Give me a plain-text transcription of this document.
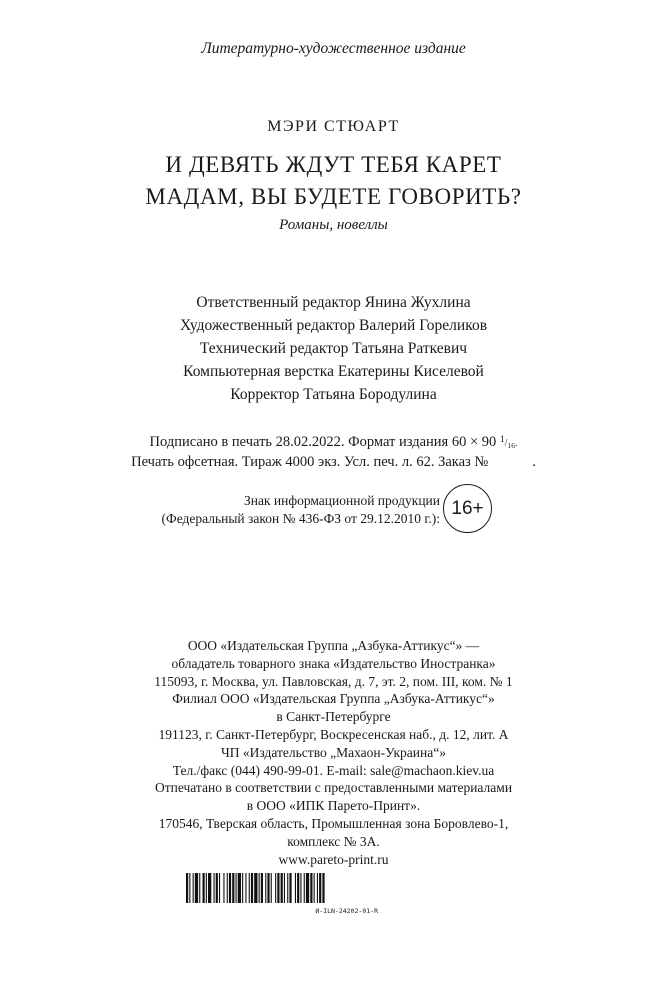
Литературно-художественное издание
МЭРИ СТЮАРТ
И ДЕВЯТЬ ЖДУТ ТЕБЯ КАРЕТ
МАДАМ, ВЫ БУДЕТЕ ГОВОРИТЬ?
Романы, новеллы
Ответственный редактор Янина Жухлина
Художественный редактор Валерий Гореликов
Технический редактор Татьяна Раткевич
Компьютерная верстка Екатерины Киселевой
Корректор Татьяна Бородулина
Подписано в печать 28.02.2022. Формат издания 60 × 90 $^1/_{16}$.
Печать офсетная. Тираж 4000 экз. Усл. печ. л. 62. Заказ №	.
Знак информационной продукции
(Федеральный закон № 436-ФЗ от 29.12.2010 г.): 16+
ООО «Издательская Группа „Азбука-Аттикус“» —
обладатель товарного знака «Издательство Иностранка»
115093, г. Москва, ул. Павловская, д. 7, эт. 2, пом. III, ком. № 1
Филиал ООО «Издательская Группа „Азбука-Аттикус“»
в Санкт-Петербурге
191123, г. Санкт-Петербург, Воскресенская наб., д. 12, лит. А
ЧП «Издательство „Махаон-Украина“»
Тел./факс (044) 490-99-01. E-mail: sale@machaon.kiev.ua
Отпечатано в соответствии с предоставленными материалами
в ООО «ИПК Парето-Принт».
170546, Тверская область, Промышленная зона Боровлево-1,
комплекс № 3А.
www.pareto-print.ru
И-ILN-24202-01-R
